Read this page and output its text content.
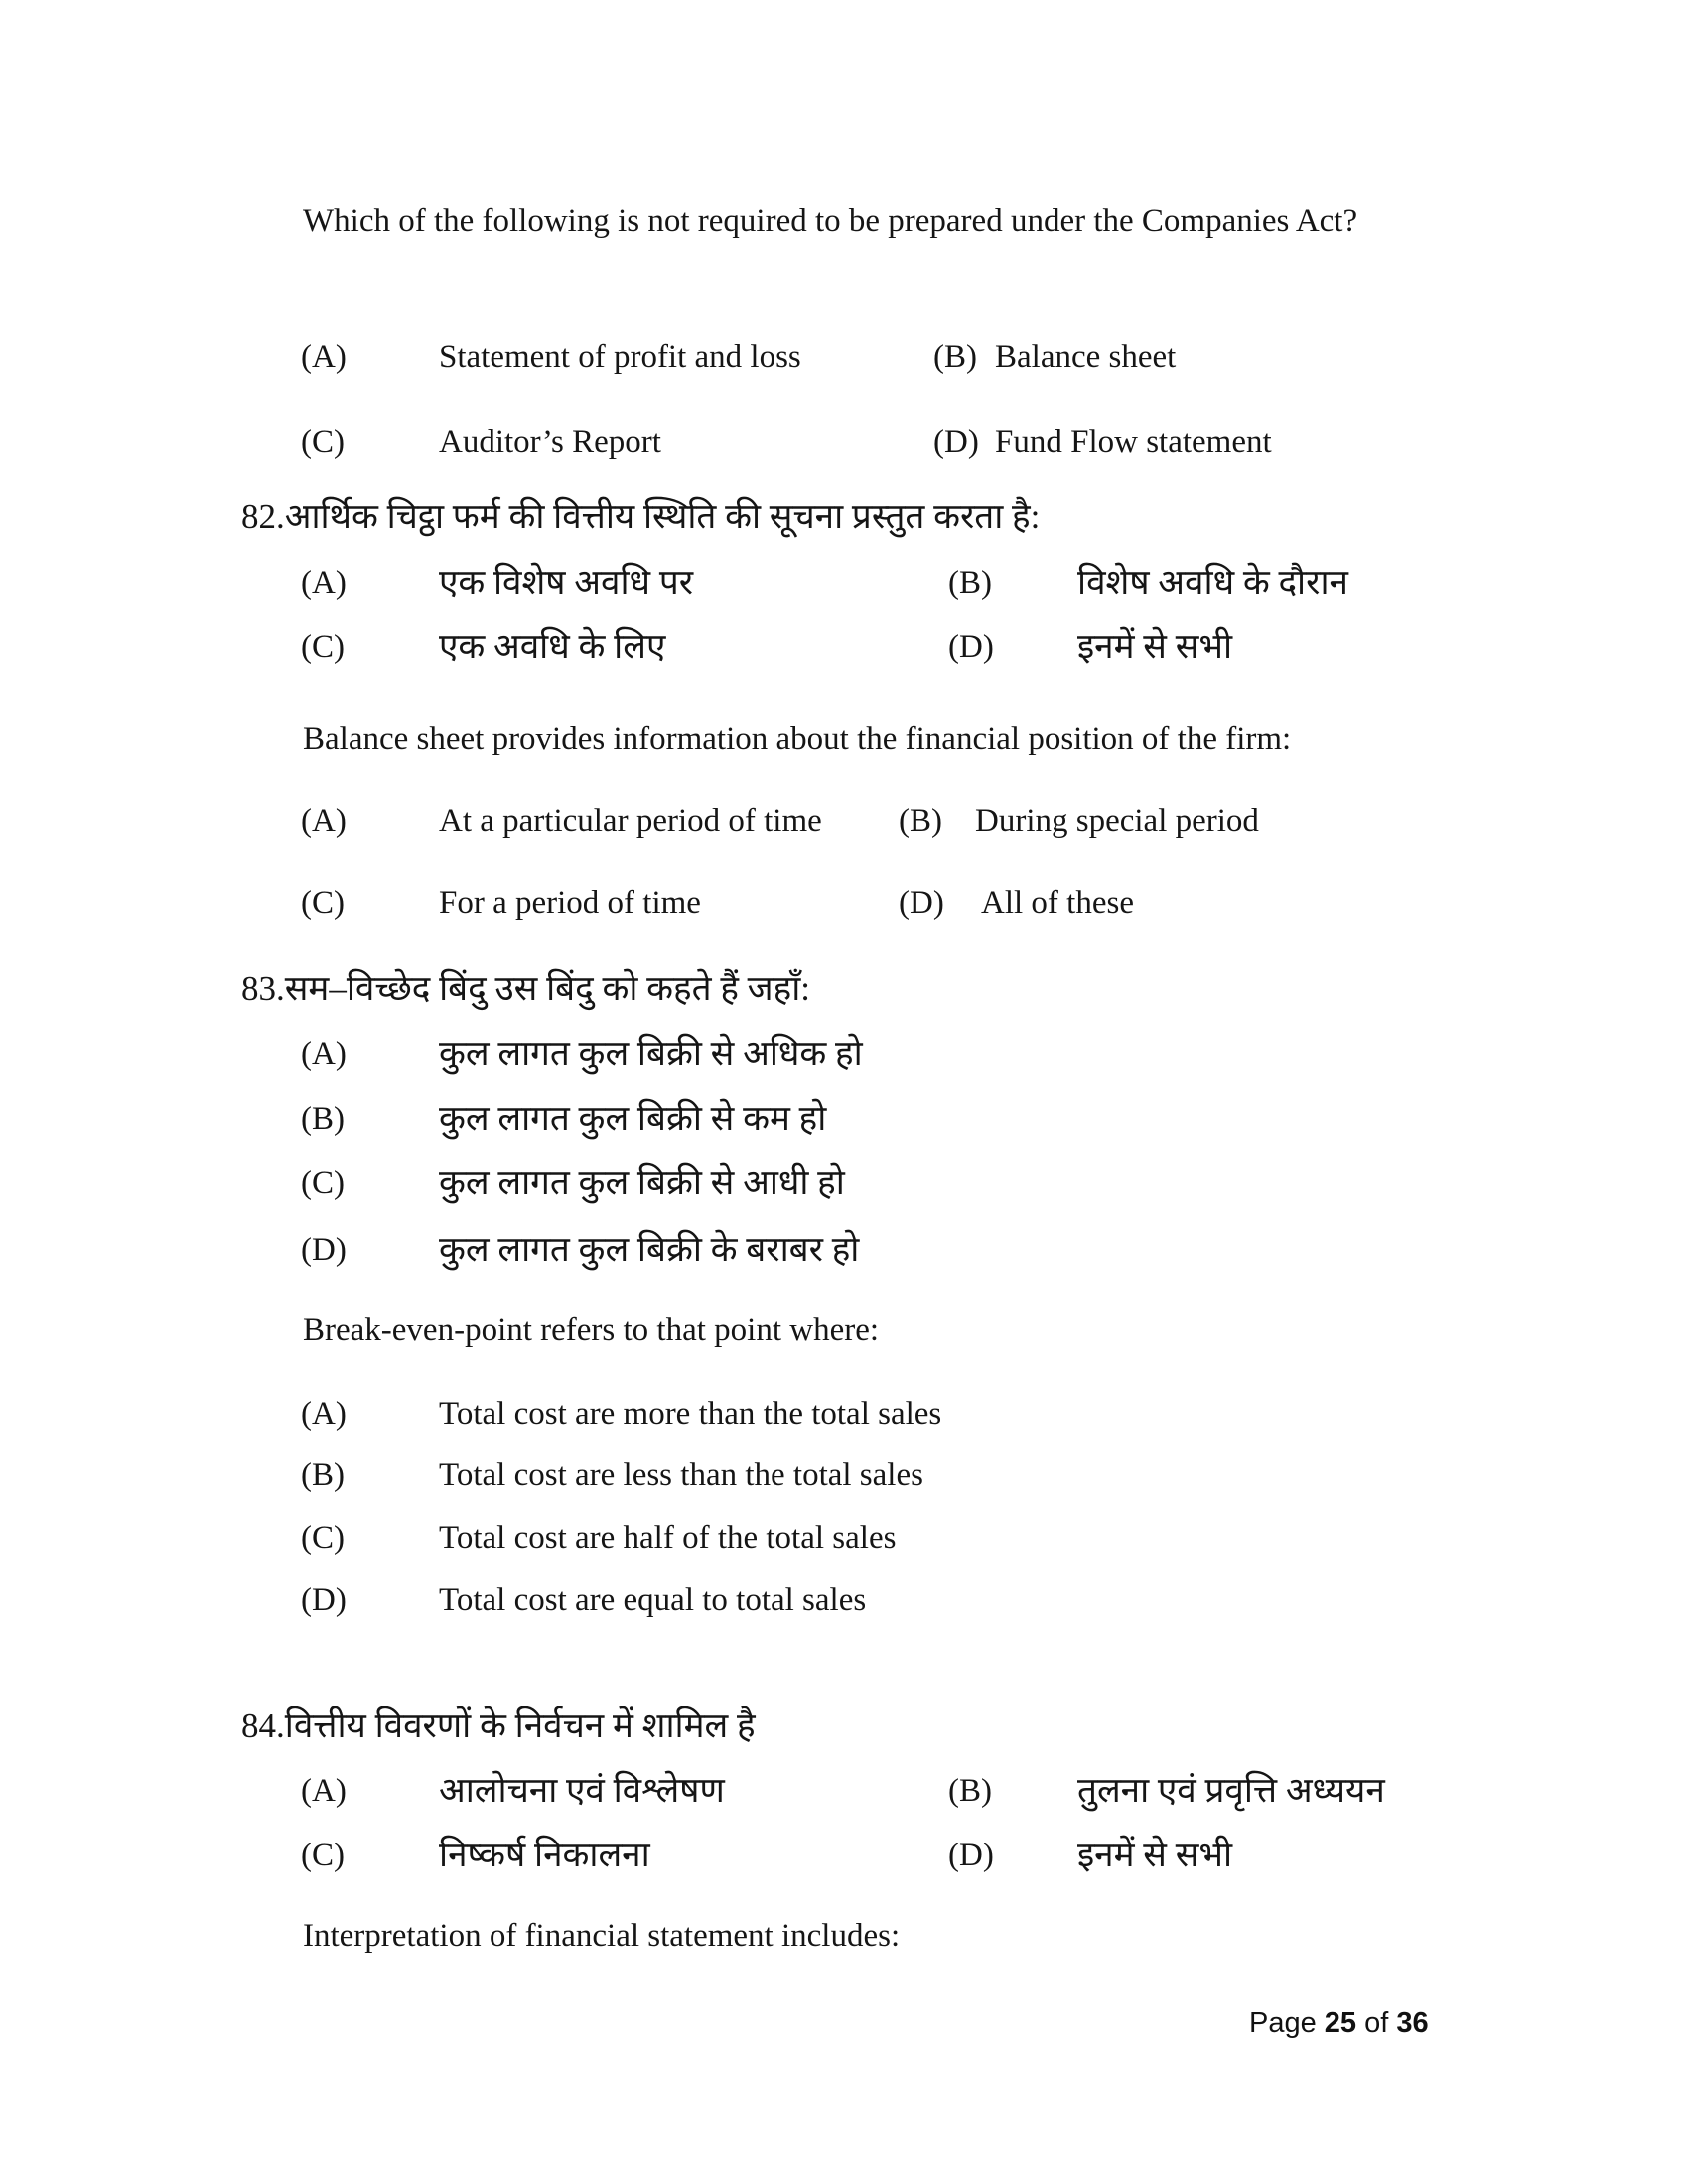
Which of the following is not required to be prepared under the Companies Act?
(A)	Statement of profit and loss	(B) Balance sheet
(C)	Auditor’s Report	(D) Fund Flow statement
82.आर्थिक चिट्ठा फर्म की वित्तीय स्थिति की सूचना प्रस्तुत करता है:
(A)	एक विशेष अवधि पर	(B) विशेष अवधि के दौरान
(C)	एक अवधि के लिए	(D) इनमें से सभी
Balance sheet provides information about the financial position of the firm:
(A)	At a particular period of time (B) During special period
(C)	For a period of time	(D) All of these
83.सम–विच्छेद बिंदु उस बिंदु को कहते हैं जहाँ:
(A)	कुल लागत कुल बिक्री से अधिक हो
(B)	कुल लागत कुल बिक्री से कम हो
(C)	कुल लागत कुल बिक्री से आधी हो
(D)	कुल लागत कुल बिक्री के बराबर हो
Break-even-point refers to that point where:
(A)	Total cost are more than the total sales
(B)	Total cost are less than the total sales
(C)	Total cost are half of the total sales
(D)	Total cost are equal to total sales
84.वित्तीय विवरणों के निर्वचन में शामिल है
(A)	आलोचना एवं विश्लेषण	(B) तुलना एवं प्रवृत्ति अध्ययन
(C)	निष्कर्ष निकालना	(D) इनमें से सभी
Interpretation of financial statement includes:
Page 25 of 36
